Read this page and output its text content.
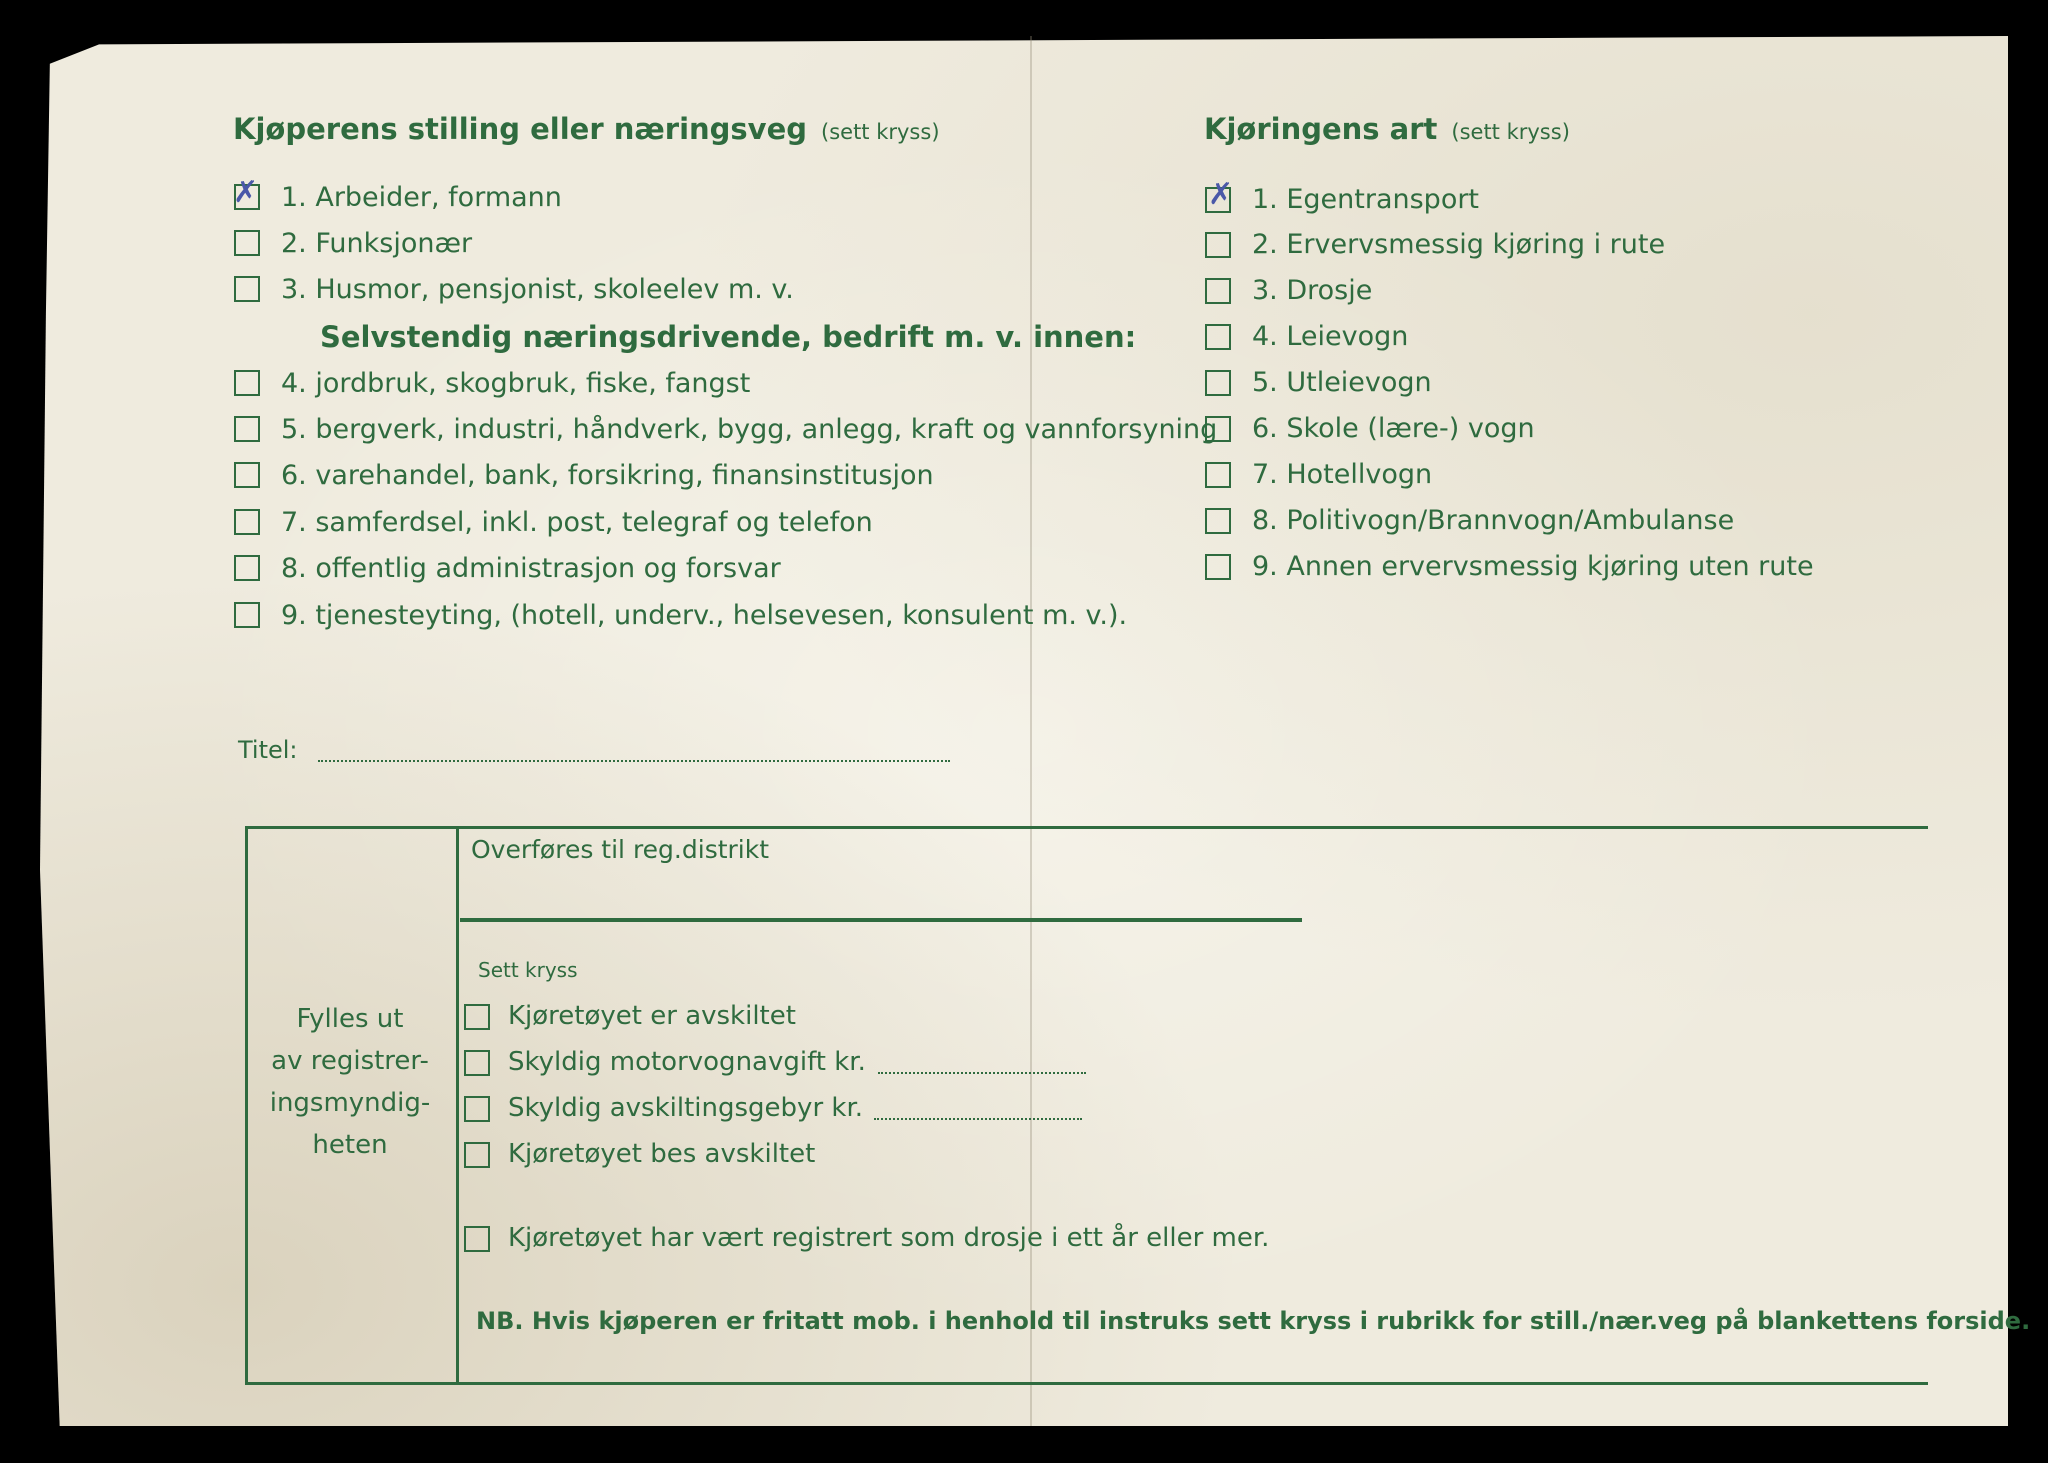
Kjøperens stilling eller næringsveg (sett kryss)
✗ 1. Arbeider, formann
2. Funksjonær
3. Husmor, pensjonist, skoleelev m. v.
Selvstendig næringsdrivende, bedrift m. v. innen:
4. jordbruk, skogbruk, fiske, fangst
5. bergverk, industri, håndverk, bygg, anlegg, kraft og vannforsyning
6. varehandel, bank, forsikring, finansinstitusjon
7. samferdsel, inkl. post, telegraf og telefon
8. offentlig administrasjon og forsvar
9. tjenesteyting, (hotell, underv., helsevesen, konsulent m. v.).
Kjøringens art (sett kryss)
✗ 1. Egentransport
2. Ervervsmessig kjøring i rute
3. Drosje
4. Leievogn
5. Utleievogn
6. Skole (lære-) vogn
7. Hotellvogn
8. Politivogn/Brannvogn/Ambulanse
9. Annen ervervsmessig kjøring uten rute
Titel:
Fylles ut
av registrer-
ingsmyndig-
heten
Overføres til reg.distrikt
Sett kryss
Kjøretøyet er avskiltet
Skyldig motorvognavgift kr.
Skyldig avskiltingsgebyr kr.
Kjøretøyet bes avskiltet
Kjøretøyet har vært registrert som drosje i ett år eller mer.
NB. Hvis kjøperen er fritatt mob. i henhold til instruks sett kryss i rubrikk for still./nær.veg på blankettens forside.
